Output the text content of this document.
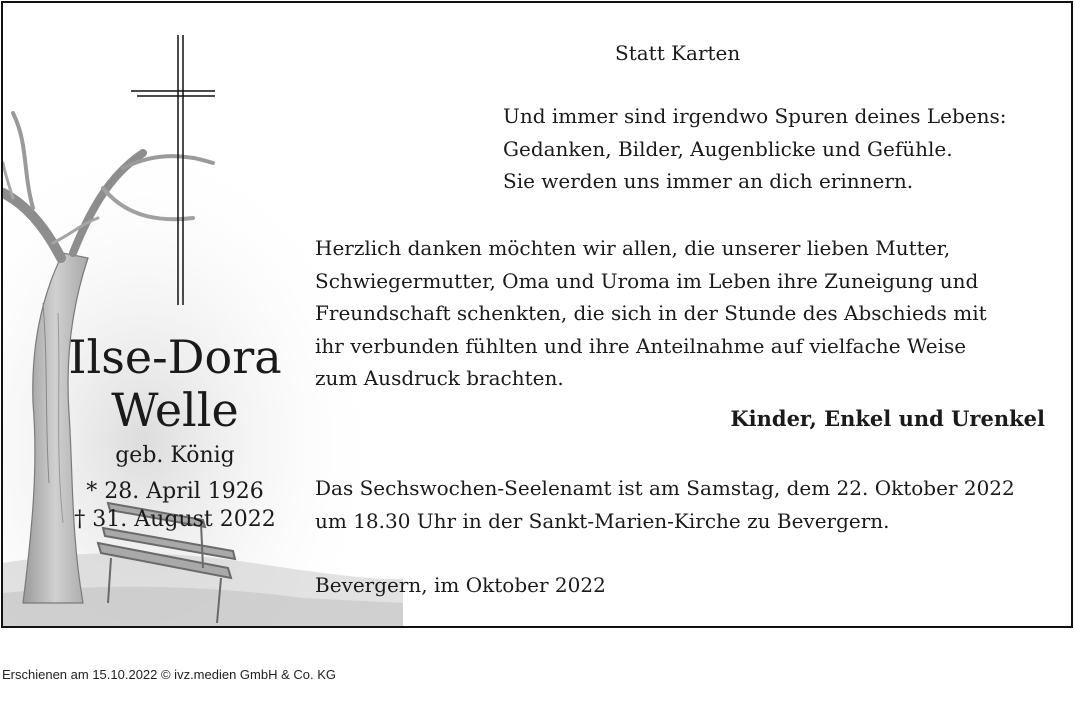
Ilse-Dora
Welle
geb. König
* 28. April 1926
† 31. August 2022
Statt Karten
Und immer sind irgendwo Spuren deines Lebens:
Gedanken, Bilder, Augenblicke und Gefühle.
Sie werden uns immer an dich erinnern.
Herzlich danken möchten wir allen, die unserer lieben Mutter,
Schwiegermutter, Oma und Uroma im Leben ihre Zuneigung und
Freundschaft schenkten, die sich in der Stunde des Abschieds mit
ihr verbunden fühlten und ihre Anteilnahme auf vielfache Weise
zum Ausdruck brachten.
Kinder, Enkel und Urenkel
Das Sechswochen-Seelenamt ist am Samstag, dem 22. Oktober 2022
um 18.30 Uhr in der Sankt-Marien-Kirche zu Bevergern.
Bevergern, im Oktober 2022
Erschienen am 15.10.2022 © ivz.medien GmbH & Co. KG
